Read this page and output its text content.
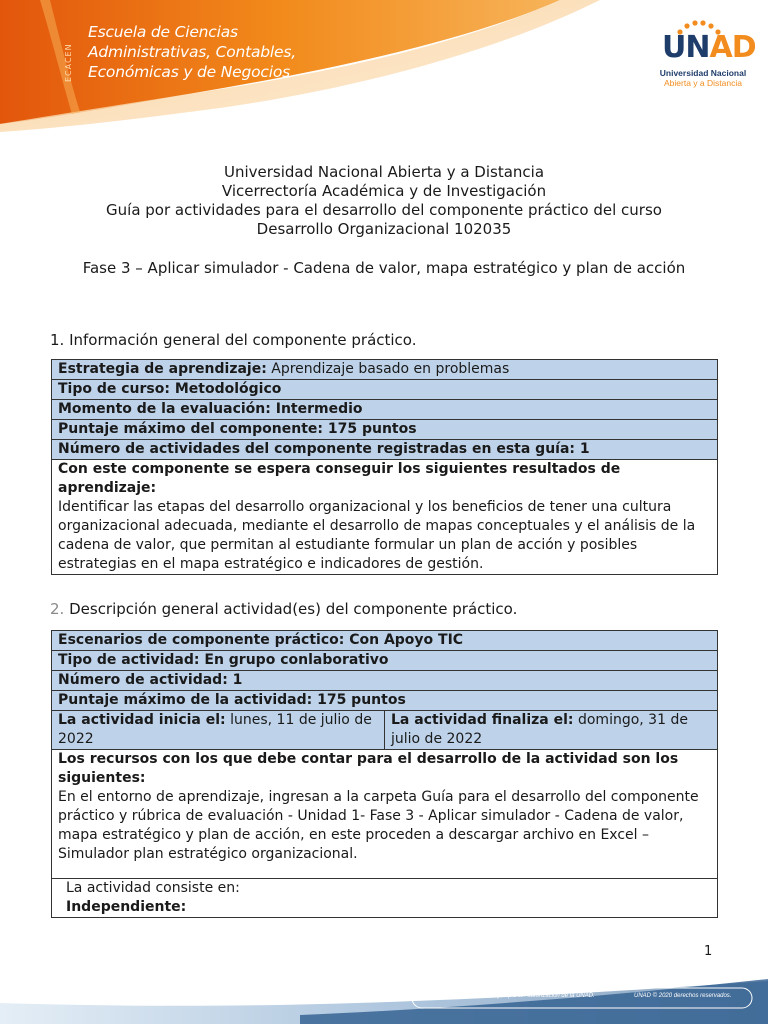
ECACEN
Escuela de Ciencias
Administrativas, Contables,
Económicas y de Negocios
UNAD
Universidad Nacional
Abierta y a Distancia
Universidad Nacional Abierta y a Distancia
Vicerrectoría Académica y de Investigación
Guía por actividades para el desarrollo del componente práctico del curso
Desarrollo Organizacional 102035
Fase 3 – Aplicar simulador - Cadena de valor, mapa estratégico y plan de acción
1. Información general del componente práctico.
Estrategia de aprendizaje: Aprendizaje basado en problemas
Tipo de curso: Metodológico
Momento de la evaluación: Intermedio
Puntaje máximo del componente: 175 puntos
Número de actividades del componente registradas en esta guía: 1

Con este componente se espera conseguir los siguientes resultados de aprendizaje:
Identificar las etapas del desarrollo organizacional y los beneficios de tener una cultura organizacional adecuada, mediante el desarrollo de mapas conceptuales y el análisis de la cadena de valor, que permitan al estudiante formular un plan de acción y posibles estrategias en el mapa estratégico e indicadores de gestión.
2. Descripción general actividad(es) del componente práctico.
Escenarios de componente práctico: Con Apoyo TIC
Tipo de actividad: En grupo conlaborativo
Número de actividad: 1
Puntaje máximo de la actividad: 175 puntos
La actividad inicia el: lunes, 11 de julio de 2022	La actividad finaliza el: domingo, 31 de julio de 2022

Los recursos con los que debe contar para el desarrollo de la actividad son los siguientes:
En el entorno de aprendizaje, ingresan a la carpeta Guía para el desarrollo del componente práctico y rúbrica de evaluación - Unidad 1- Fase 3 - Aplicar simulador - Cadena de valor, mapa estratégico y plan de acción, en este proceden a descargar archivo en Excel – Simulador plan estratégico organizacional.

La actividad consiste en:
Independiente:
1
Prohibida su reproducción y copia sin autorización de la UNAD.	UNAD © 2020 derechos reservados.
